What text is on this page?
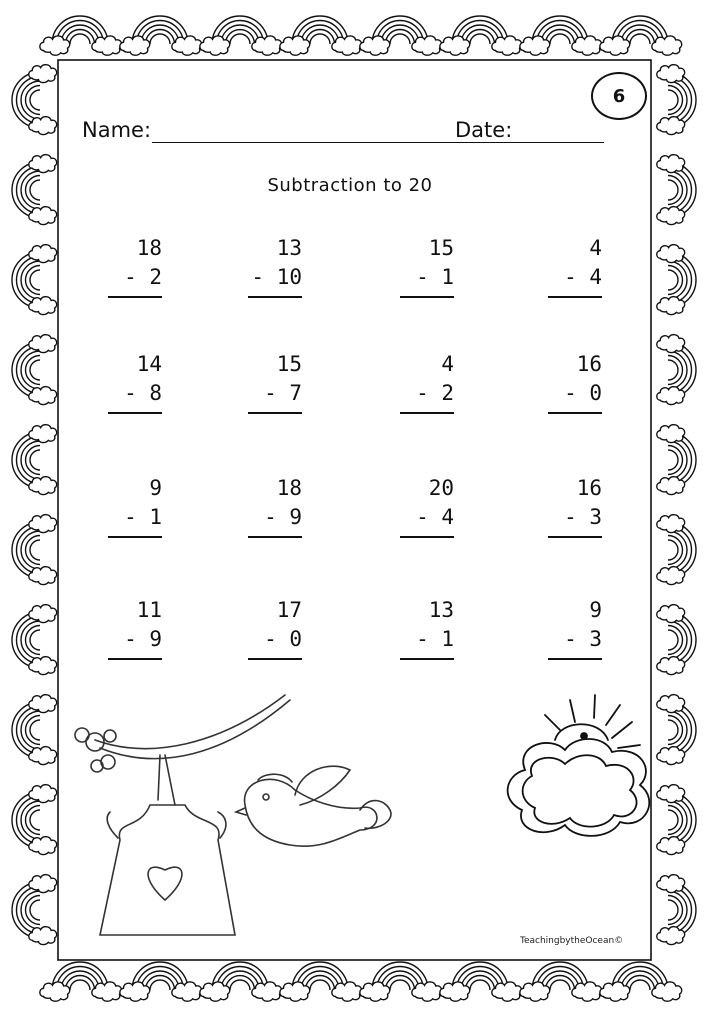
6
Name:	Date:
Subtraction to 20
18
- 2
13
- 10
15
- 1
4
- 4
14
- 8
15
- 7
4
- 2
16
- 0
9
- 1
18
- 9
20
- 4
16
- 3
11
- 9
17
- 0
13
- 1
9
- 3
TeachingbytheOcean©
